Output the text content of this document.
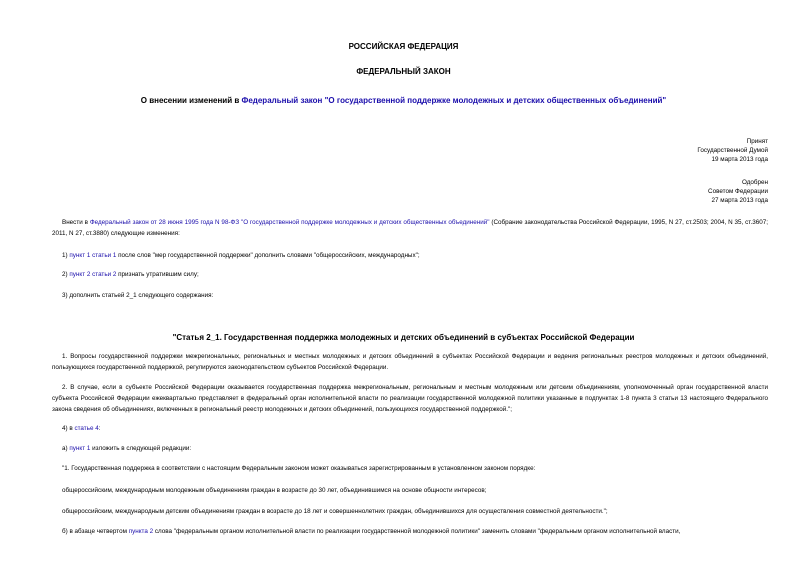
РОССИЙСКАЯ ФЕДЕРАЦИЯ
ФЕДЕРАЛЬНЫЙ ЗАКОН
О внесении изменений в Федеральный закон "О государственной поддержке молодежных и детских общественных объединений"
Принят
Государственной Думой
19 марта 2013 года
Одобрен
Советом Федерации
27 марта 2013 года
Внести в Федеральный закон от 28 июня 1995 года N 98-ФЗ "О государственной поддержке молодежных и детских общественных объединений" (Собрание законодательства Российской Федерации, 1995, N 27, ст.2503; 2004, N 35, ст.3607; 2011, N 27, ст.3880) следующие изменения:
1) пункт 1 статьи 1 после слов "мер государственной поддержки" дополнить словами "общероссийских, международных";
2) пункт 2 статьи 2 признать утратившим силу;
3) дополнить статьей 2_1 следующего содержания:
"Статья 2_1. Государственная поддержка молодежных и детских объединений в субъектах Российской Федерации
1. Вопросы государственной поддержки межрегиональных, региональных и местных молодежных и детских объединений в субъектах Российской Федерации и ведения региональных реестров молодежных и детских объединений, пользующихся государственной поддержкой, регулируются законодательством субъектов Российской Федерации.
2. В случае, если в субъекте Российской Федерации оказывается государственная поддержка межрегиональным, региональным и местным молодежным или детским объединениям, уполномоченный орган государственной власти субъекта Российской Федерации ежеквартально представляет в федеральный орган исполнительной власти по реализации государственной молодежной политики указанные в подпунктах 1-8 пункта 3 статьи 13 настоящего Федерального закона сведения об объединениях, включенных в региональный реестр молодежных и детских объединений, пользующихся государственной поддержкой.";
4) в статье 4:
а) пункт 1 изложить в следующей редакции:
"1. Государственная поддержка в соответствии с настоящим Федеральным законом может оказываться зарегистрированным в установленном законом порядке:
общероссийским, международным молодежным объединениям граждан в возрасте до 30 лет, объединившимся на основе общности интересов;
общероссийским, международным детским объединениям граждан в возрасте до 18 лет и совершеннолетних граждан, объединившихся для осуществления совместной деятельности.";
б) в абзаце четвертом пункта 2 слова "федеральным органом исполнительной власти по реализации государственной молодежной политики" заменить словами "федеральным органом исполнительной власти,
